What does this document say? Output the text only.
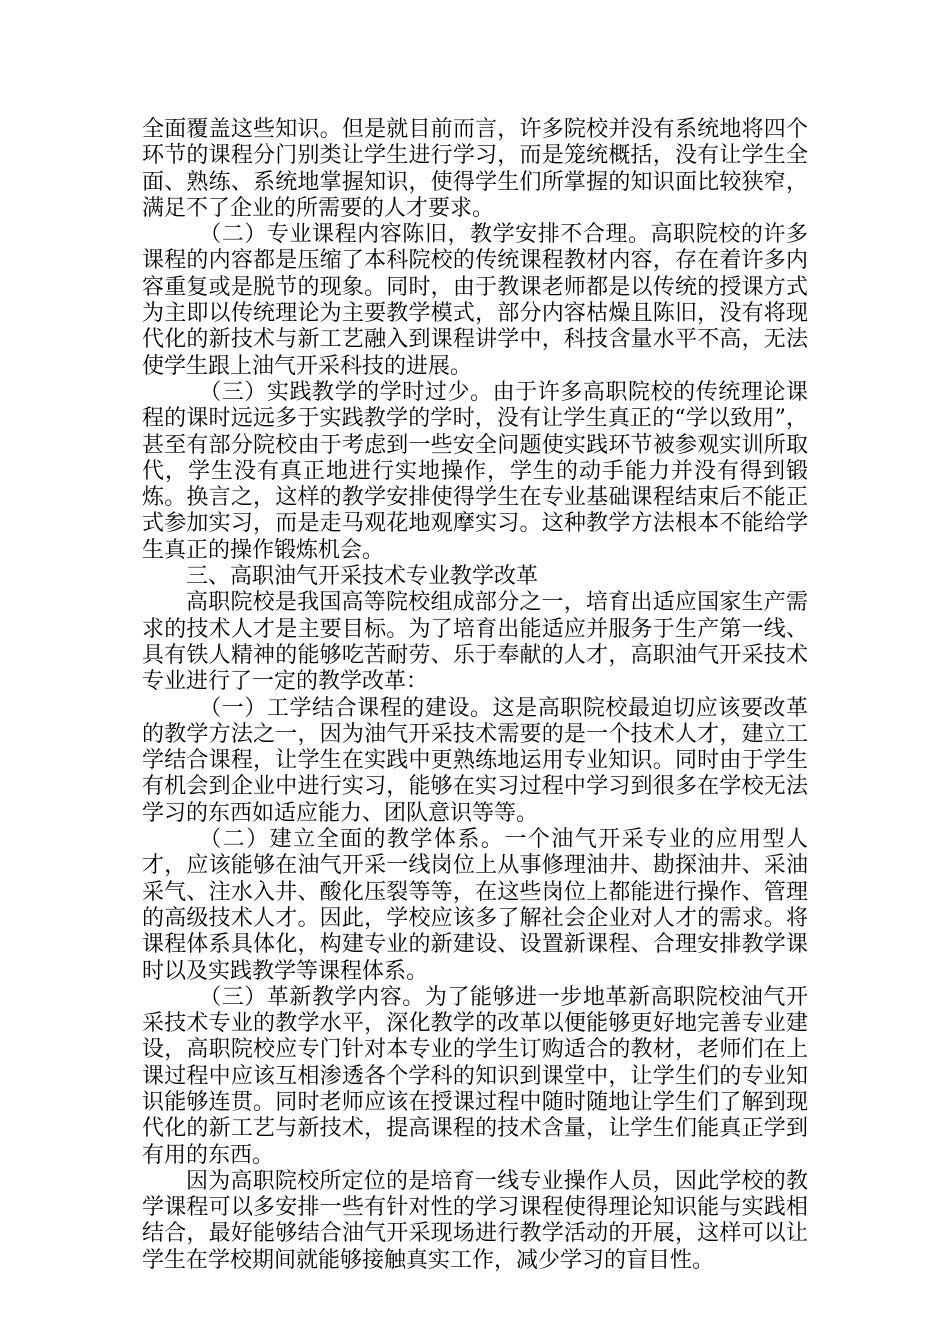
全面覆盖这些知识。但是就目前而言，许多院校并没有系统地将四个环节的课程分门别类让学生进行学习，而是笼统概括，没有让学生全面、熟练、系统地掌握知识，使得学生们所掌握的知识面比较狭窄，满足不了企业的所需要的人才要求。

（二）专业课程内容陈旧，教学安排不合理。高职院校的许多课程的内容都是压缩了本科院校的传统课程教材内容，存在着许多内容重复或是脱节的现象。同时，由于教课老师都是以传统的授课方式为主即以传统理论为主要教学模式，部分内容枯燥且陈旧，没有将现代化的新技术与新工艺融入到课程讲学中，科技含量水平不高，无法使学生跟上油气开采科技的进展。

（三）实践教学的学时过少。由于许多高职院校的传统理论课程的课时远远多于实践教学的学时，没有让学生真正的“学以致用”，甚至有部分院校由于考虑到一些安全问题使实践环节被参观实训所取代，学生没有真正地进行实地操作，学生的动手能力并没有得到锻炼。换言之，这样的教学安排使得学生在专业基础课程结束后不能正式参加实习，而是走马观花地观摩实习。这种教学方法根本不能给学生真正的操作锻炼机会。

三、高职油气开采技术专业教学改革

高职院校是我国高等院校组成部分之一，培育出适应国家生产需求的技术人才是主要目标。为了培育出能适应并服务于生产第一线、具有铁人精神的能够吃苦耐劳、乐于奉献的人才，高职油气开采技术专业进行了一定的教学改革：

（一）工学结合课程的建设。这是高职院校最迫切应该要改革的教学方法之一，因为油气开采技术需要的是一个技术人才，建立工学结合课程，让学生在实践中更熟练地运用专业知识。同时由于学生有机会到企业中进行实习，能够在实习过程中学习到很多在学校无法学习的东西如适应能力、团队意识等等。

（二）建立全面的教学体系。一个油气开采专业的应用型人才，应该能够在油气开采一线岗位上从事修理油井、勘探油井、采油采气、注水入井、酸化压裂等等，在这些岗位上都能进行操作、管理的高级技术人才。因此，学校应该多了解社会企业对人才的需求。将课程体系具体化，构建专业的新建设、设置新课程、合理安排教学课时以及实践教学等课程体系。

（三）革新教学内容。为了能够进一步地革新高职院校油气开采技术专业的教学水平，深化教学的改革以便能够更好地完善专业建设，高职院校应专门针对本专业的学生订购适合的教材，老师们在上课过程中应该互相渗透各个学科的知识到课堂中，让学生们的专业知识能够连贯。同时老师应该在授课过程中随时随地让学生们了解到现代化的新工艺与新技术，提高课程的技术含量，让学生们能真正学到有用的东西。

因为高职院校所定位的是培育一线专业操作人员，因此学校的教学课程可以多安排一些有针对性的学习课程使得理论知识能与实践相结合，最好能够结合油气开采现场进行教学活动的开展，这样可以让学生在学校期间就能够接触真实工作，减少学习的盲目性。
